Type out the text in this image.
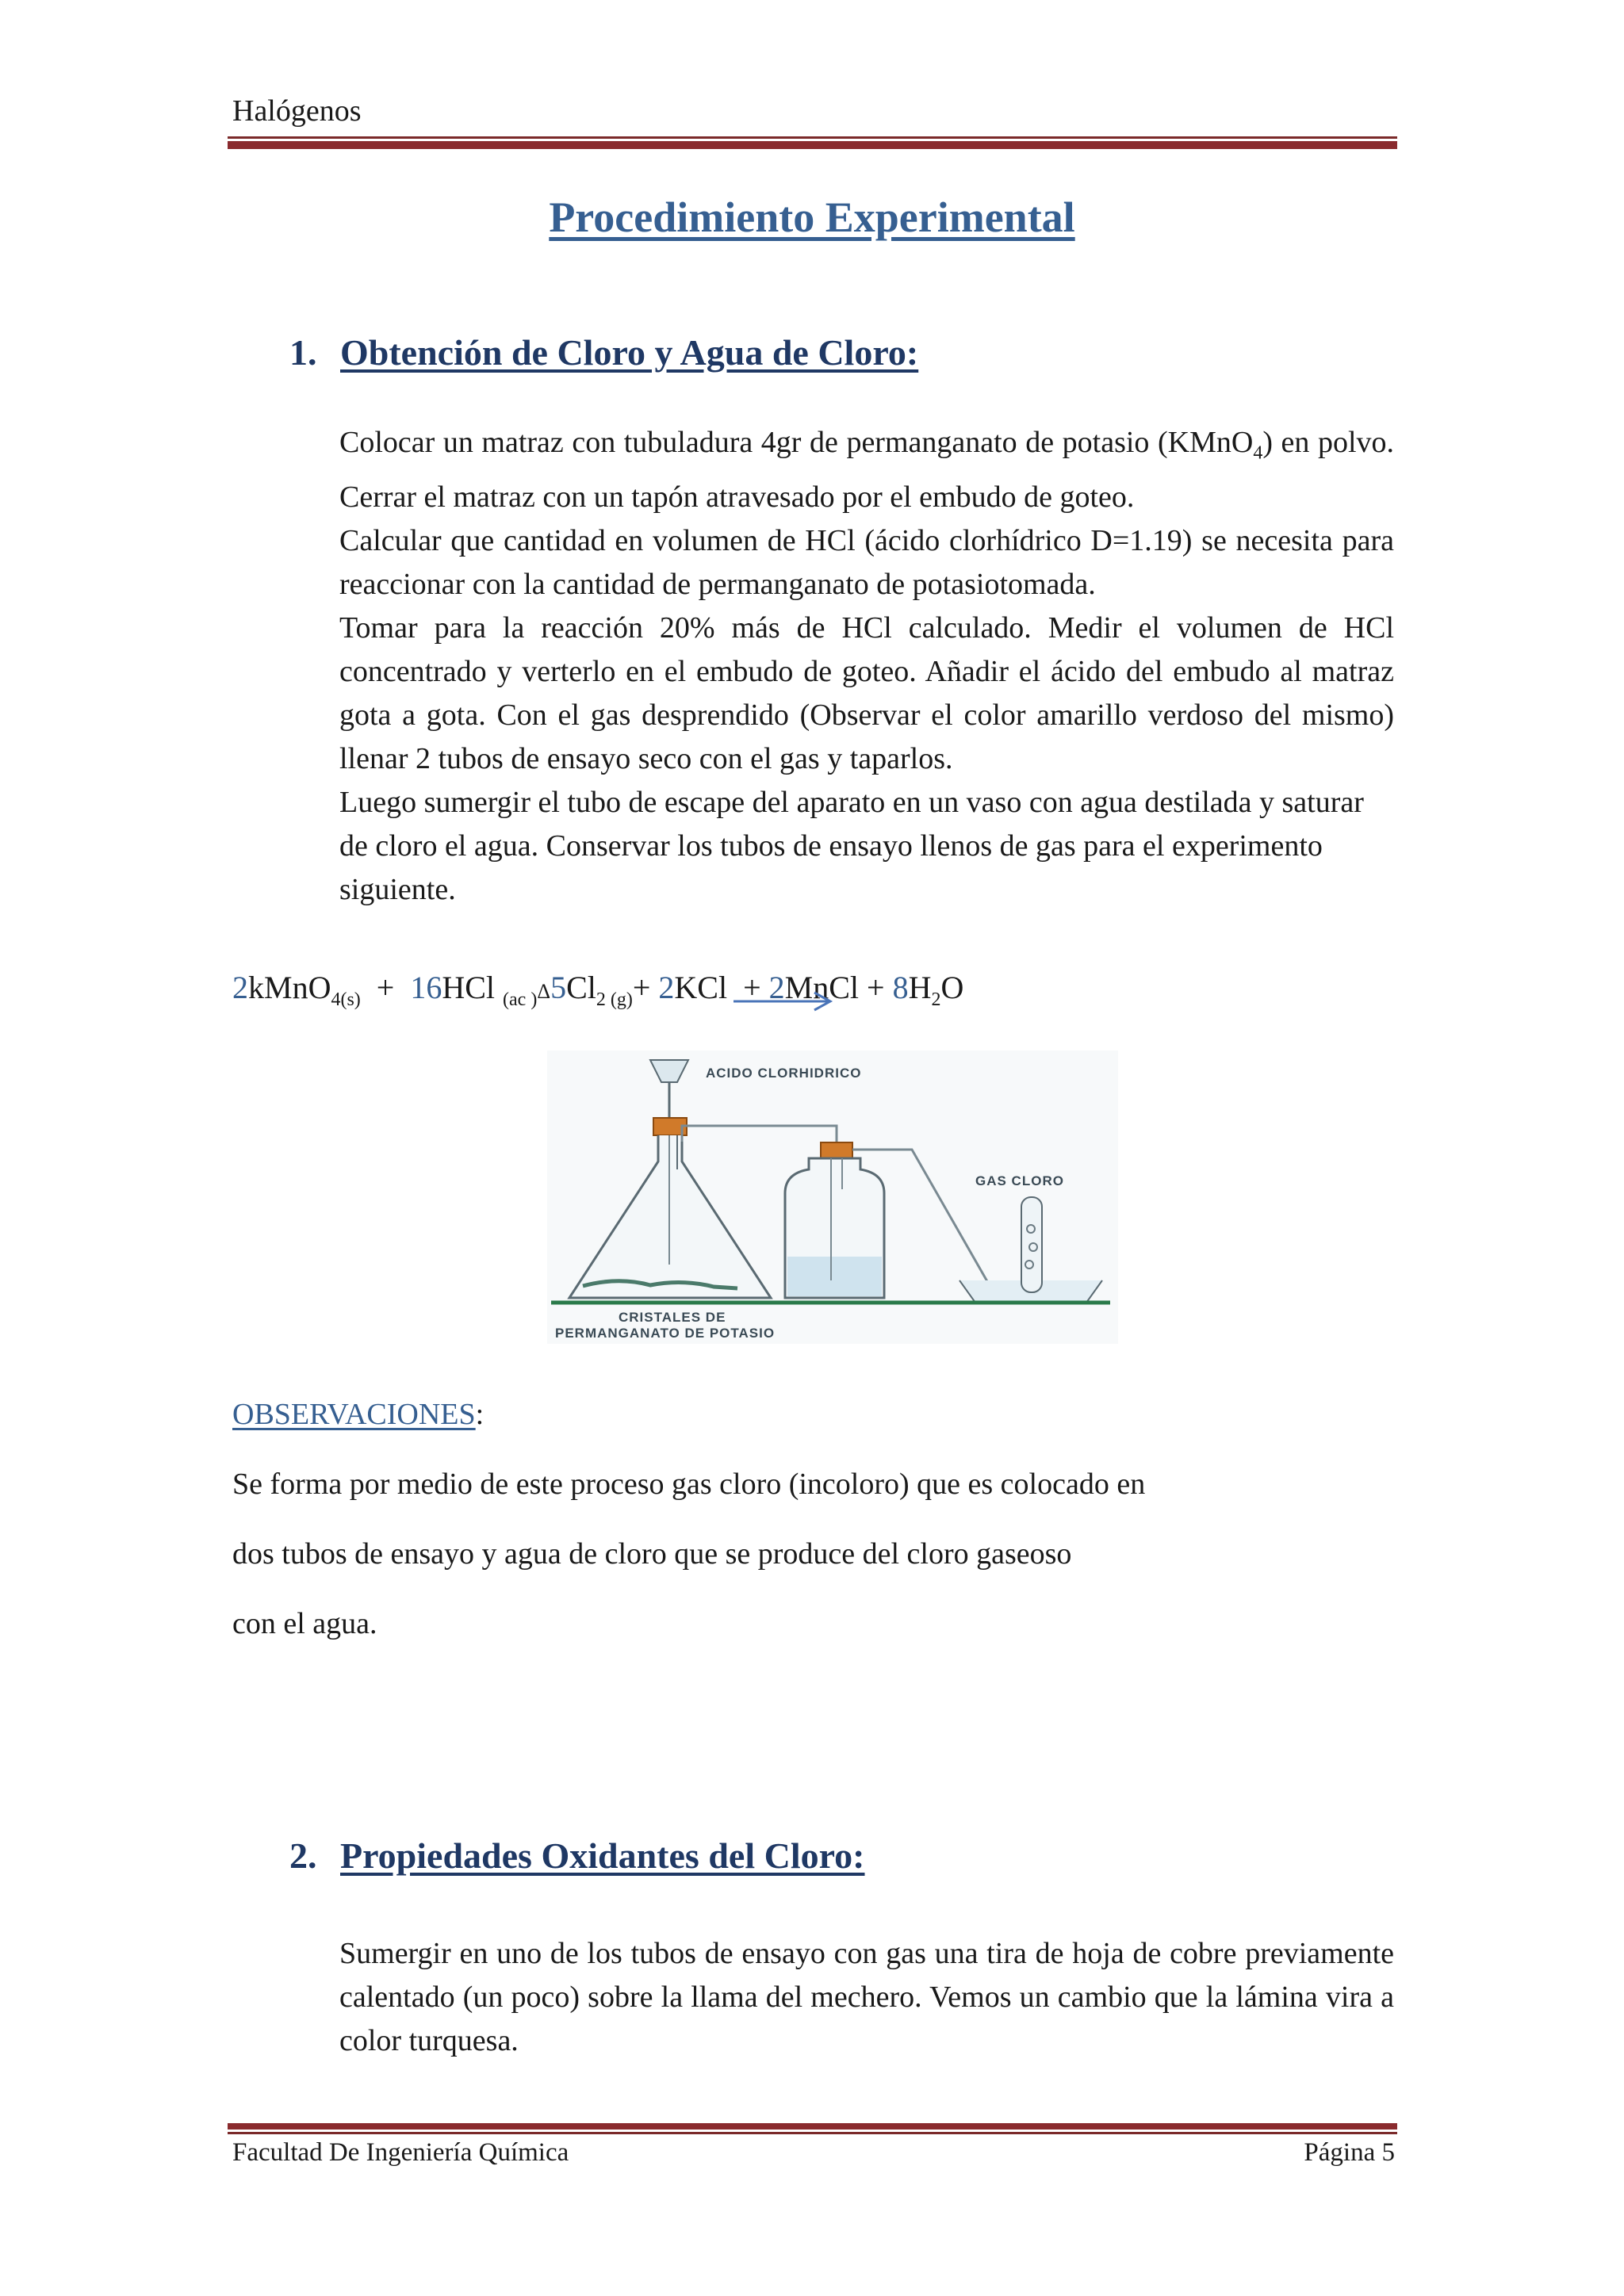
Halógenos
Procedimiento Experimental
1. Obtención de Cloro y Agua de Cloro:

Colocar un matraz con tubuladura 4gr de permanganato de potasio (KMnO$_4$) en polvo. Cerrar el matraz con un tapón atravesado por el embudo de goteo.

Calcular que cantidad en volumen de HCl (ácido clorhídrico D=1.19) se necesita para reaccionar con la cantidad de permanganato de potasiotomada.

Tomar para la reacción 20% más de HCl calculado. Medir el volumen de HCl concentrado y verterlo en el embudo de goteo. Añadir el ácido del embudo al matraz gota a gota. Con el gas desprendido (Observar el color amarillo verdoso del mismo) llenar 2 tubos de ensayo seco con el gas y taparlos.

Luego sumergir el tubo de escape del aparato en un vaso con agua destilada y saturar de cloro el agua. Conservar los tubos de ensayo llenos de gas para el experimento siguiente.

2kMnO$_{4(s)}$  +  16HCl $_{(ac )}\Delta 5Cl_{2 (g)}+ 2KCl$  + 2MnCl + $8H_2O$
ACIDO CLORHIDRICO
GAS CLORO
CRISTALES DE
PERMANGANATO DE POTASIO
OBSERVACIONES:
Se forma por medio de este proceso gas cloro (incoloro) que es colocado en
dos tubos de ensayo y agua de cloro que se produce del cloro gaseoso
con el agua.
2. Propiedades Oxidantes del Cloro:

Sumergir en uno de los tubos de ensayo con gas una tira de hoja de cobre previamente calentado (un poco) sobre la llama del mechero. Vemos un cambio que la lámina vira a color turquesa.

Facultad De Ingeniería Química	Página 5
